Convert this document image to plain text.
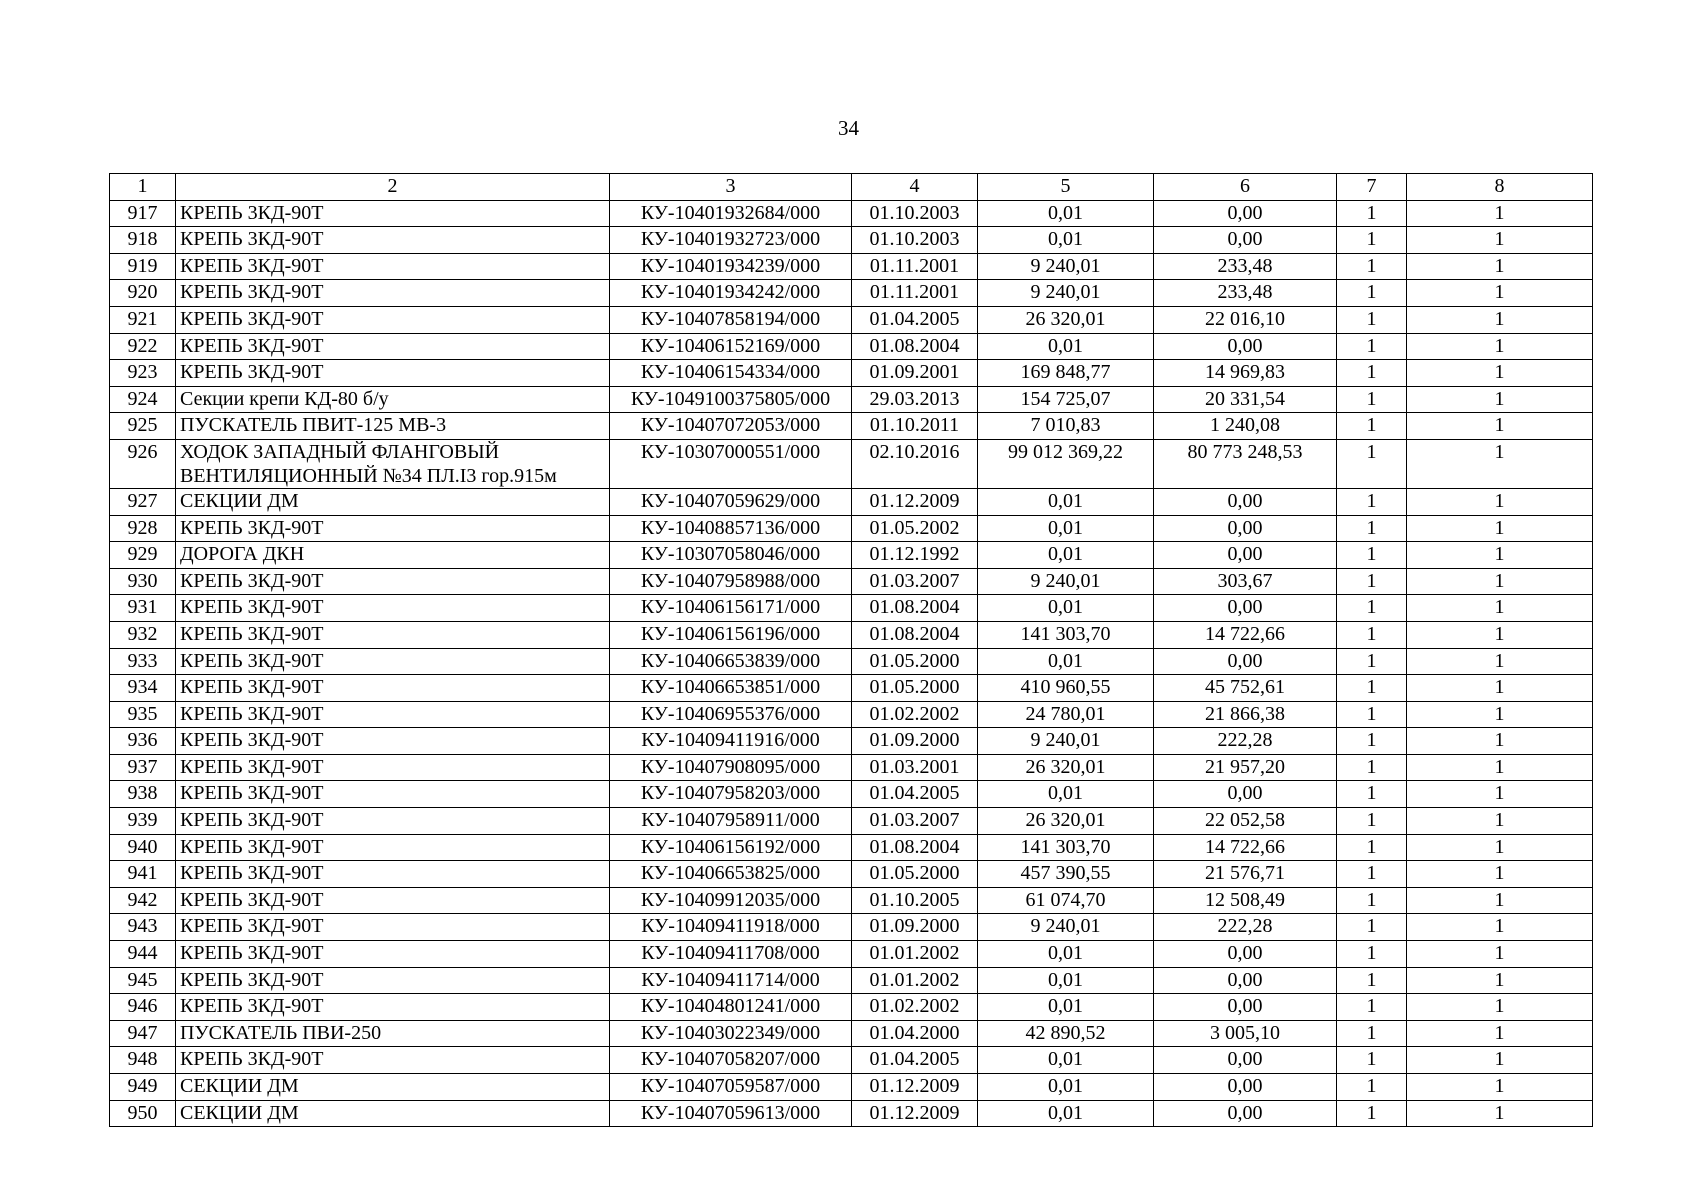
34
1	2	3	4	5	6	7	8
917	КРЕПЬ 3КД-90Т	КУ-10401932684/000	01.10.2003	0,01	0,00	1	1
918	КРЕПЬ 3КД-90Т	КУ-10401932723/000	01.10.2003	0,01	0,00	1	1
919	КРЕПЬ 3КД-90Т	КУ-10401934239/000	01.11.2001	9 240,01	233,48	1	1
920	КРЕПЬ 3КД-90Т	КУ-10401934242/000	01.11.2001	9 240,01	233,48	1	1
921	КРЕПЬ 3КД-90Т	КУ-10407858194/000	01.04.2005	26 320,01	22 016,10	1	1
922	КРЕПЬ 3КД-90Т	КУ-10406152169/000	01.08.2004	0,01	0,00	1	1
923	КРЕПЬ 3КД-90Т	КУ-10406154334/000	01.09.2001	169 848,77	14 969,83	1	1
924	Секции крепи КД-80 б/у	КУ-1049100375805/000	29.03.2013	154 725,07	20 331,54	1	1
925	ПУСКАТЕЛЬ ПВИТ-125 МВ-3	КУ-10407072053/000	01.10.2011	7 010,83	1 240,08	1	1
926	ХОДОК ЗАПАДНЫЙ ФЛАНГОВЫЙ ВЕНТИЛЯЦИОННЫЙ №34 ПЛ.I3 гор.915м	КУ-10307000551/000	02.10.2016	99 012 369,22	80 773 248,53	1	1
927	СЕКЦИИ ДМ	КУ-10407059629/000	01.12.2009	0,01	0,00	1	1
928	КРЕПЬ 3КД-90Т	КУ-10408857136/000	01.05.2002	0,01	0,00	1	1
929	ДОРОГА ДКН	КУ-10307058046/000	01.12.1992	0,01	0,00	1	1
930	КРЕПЬ 3КД-90Т	КУ-10407958988/000	01.03.2007	9 240,01	303,67	1	1
931	КРЕПЬ 3КД-90Т	КУ-10406156171/000	01.08.2004	0,01	0,00	1	1
932	КРЕПЬ 3КД-90Т	КУ-10406156196/000	01.08.2004	141 303,70	14 722,66	1	1
933	КРЕПЬ 3КД-90Т	КУ-10406653839/000	01.05.2000	0,01	0,00	1	1
934	КРЕПЬ 3КД-90Т	КУ-10406653851/000	01.05.2000	410 960,55	45 752,61	1	1
935	КРЕПЬ 3КД-90Т	КУ-10406955376/000	01.02.2002	24 780,01	21 866,38	1	1
936	КРЕПЬ 3КД-90Т	КУ-10409411916/000	01.09.2000	9 240,01	222,28	1	1
937	КРЕПЬ 3КД-90Т	КУ-10407908095/000	01.03.2001	26 320,01	21 957,20	1	1
938	КРЕПЬ 3КД-90Т	КУ-10407958203/000	01.04.2005	0,01	0,00	1	1
939	КРЕПЬ 3КД-90Т	КУ-10407958911/000	01.03.2007	26 320,01	22 052,58	1	1
940	КРЕПЬ 3КД-90Т	КУ-10406156192/000	01.08.2004	141 303,70	14 722,66	1	1
941	КРЕПЬ 3КД-90Т	КУ-10406653825/000	01.05.2000	457 390,55	21 576,71	1	1
942	КРЕПЬ 3КД-90Т	КУ-10409912035/000	01.10.2005	61 074,70	12 508,49	1	1
943	КРЕПЬ 3КД-90Т	КУ-10409411918/000	01.09.2000	9 240,01	222,28	1	1
944	КРЕПЬ 3КД-90Т	КУ-10409411708/000	01.01.2002	0,01	0,00	1	1
945	КРЕПЬ 3КД-90Т	КУ-10409411714/000	01.01.2002	0,01	0,00	1	1
946	КРЕПЬ 3КД-90Т	КУ-10404801241/000	01.02.2002	0,01	0,00	1	1
947	ПУСКАТЕЛЬ ПВИ-250	КУ-10403022349/000	01.04.2000	42 890,52	3 005,10	1	1
948	КРЕПЬ 3КД-90Т	КУ-10407058207/000	01.04.2005	0,01	0,00	1	1
949	СЕКЦИИ ДМ	КУ-10407059587/000	01.12.2009	0,01	0,00	1	1
950	СЕКЦИИ ДМ	КУ-10407059613/000	01.12.2009	0,01	0,00	1	1
